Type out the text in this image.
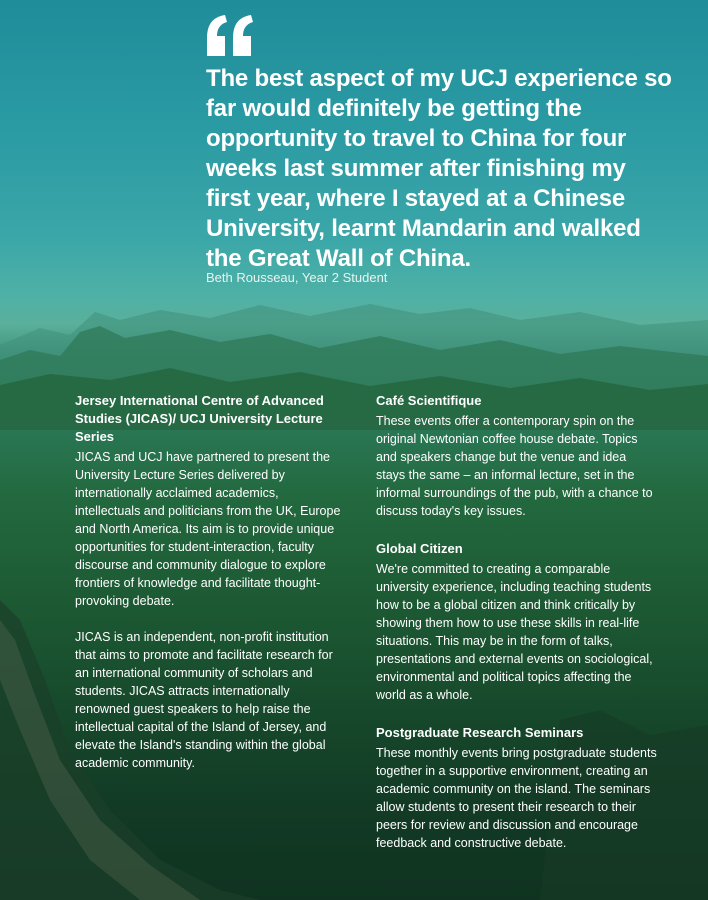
The best aspect of my UCJ experience so far would definitely be getting the opportunity to travel to China for four weeks last summer after finishing my first year, where I stayed at a Chinese University, learnt Mandarin and walked the Great Wall of China.

Beth Rousseau, Year 2 Student

Jersey International Centre of Advanced Studies (JICAS)/ UCJ University Lecture Series

JICAS and UCJ have partnered to present the University Lecture Series delivered by internationally acclaimed academics, intellectuals and politicians from the UK, Europe and North America. Its aim is to provide unique opportunities for student-interaction, faculty discourse and community dialogue to explore frontiers of knowledge and facilitate thought-provoking debate.

JICAS is an independent, non-profit institution that aims to promote and facilitate research for an international community of scholars and students. JICAS attracts internationally renowned guest speakers to help raise the intellectual capital of the Island of Jersey, and elevate the Island's standing within the global academic community.

Café Scientifique

These events offer a contemporary spin on the original Newtonian coffee house debate. Topics and speakers change but the venue and idea stays the same – an informal lecture, set in the informal surroundings of the pub, with a chance to discuss today's key issues.

Global Citizen

We're committed to creating a comparable university experience, including teaching students how to be a global citizen and think critically by showing them how to use these skills in real-life situations. This may be in the form of talks, presentations and external events on sociological, environmental and political topics affecting the world as a whole.

Postgraduate Research Seminars

These monthly events bring postgraduate students together in a supportive environment, creating an academic community on the island. The seminars allow students to present their research to their peers for review and discussion and encourage feedback and constructive debate.
